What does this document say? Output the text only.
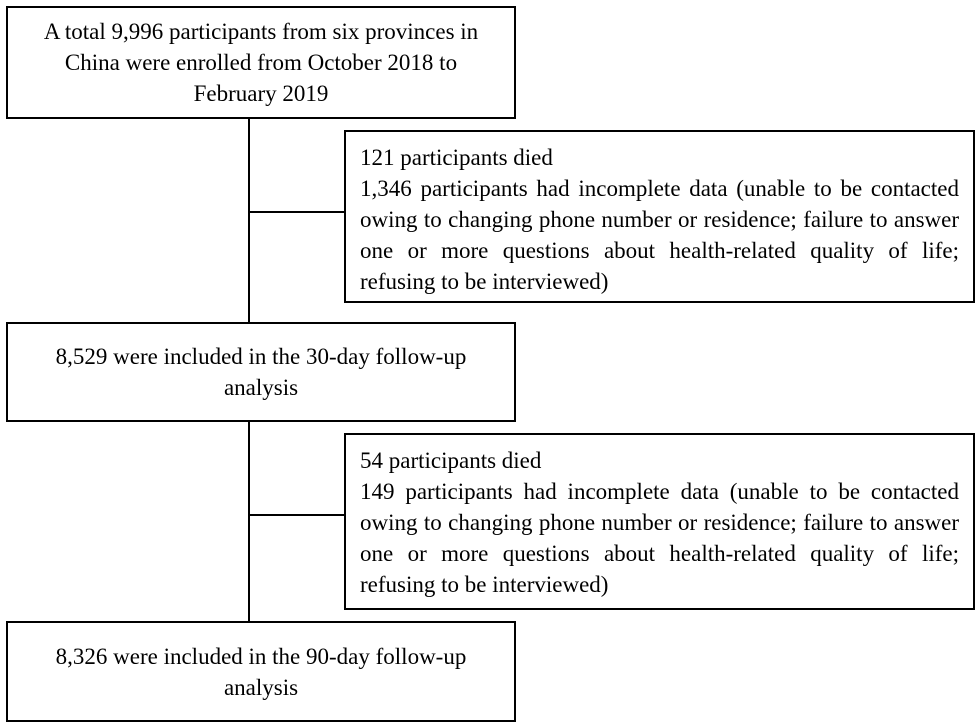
A total 9,996 participants from six provinces in
China were enrolled from October 2018 to
February 2019
121 participants died
1,346 participants had incomplete data (unable to be contacted owing to changing phone number or residence; failure to answer one or more questions about health-related quality of life; refusing to be interviewed)
8,529 were included in the 30-day follow-up
analysis
54 participants died
149 participants had incomplete data (unable to be contacted owing to changing phone number or residence; failure to answer one or more questions about health-related quality of life; refusing to be interviewed)
8,326 were included in the 90-day follow-up
analysis
